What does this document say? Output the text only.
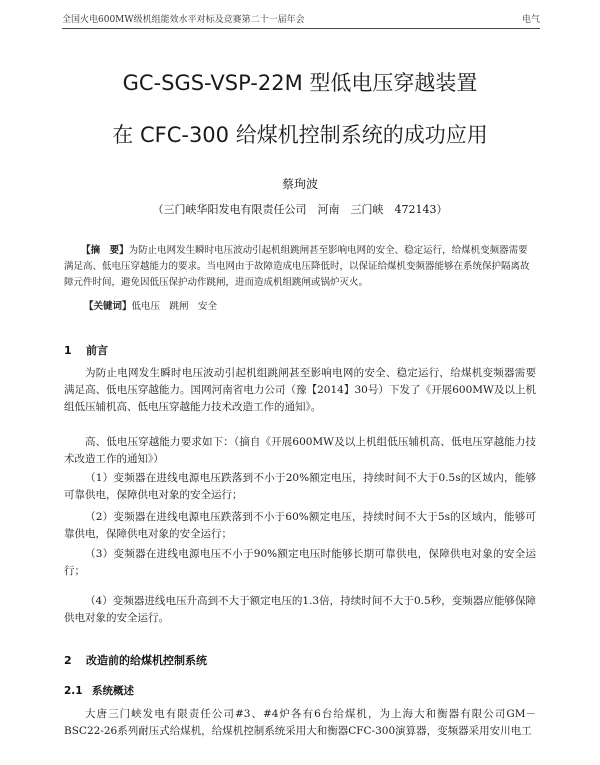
全国火电600MW级机组能效水平对标及竞赛第二十一届年会	电气
GC-SGS-VSP-22M 型低电压穿越装置
在 CFC-300 给煤机控制系统的成功应用
蔡珣波
（三门峡华阳发电有限责任公司　河南　三门峡　472143）
【摘　要】为防止电网发生瞬时电压波动引起机组跳闸甚至影响电网的安全、稳定运行，给煤机变频器需要满足高、低电压穿越能力的要求。当电网由于故障造成电压降低时，以保证给煤机变频器能够在系统保护隔离故障元件时间，避免因低压保护动作跳闸，进而造成机组跳闸或锅炉灭火。
【关键词】低电压　跳闸　安全
1 前言
为防止电网发生瞬时电压波动引起机组跳闸甚至影响电网的安全、稳定运行，给煤机变频器需要满足高、低电压穿越能力。国网河南省电力公司（豫【2014】30号）下发了《开展600MW及以上机组低压辅机高、低电压穿越能力技术改造工作的通知》。
高、低电压穿越能力要求如下：（摘自《开展600MW及以上机组低压辅机高、低电压穿越能力技术改造工作的通知》）
（1）变频器在进线电源电压跌落到不小于20%额定电压，持续时间不大于0.5s的区域内，能够可靠供电，保障供电对象的安全运行；
（2）变频器在进线电源电压跌落到不小于60%额定电压，持续时间不大于5s的区域内，能够可靠供电，保障供电对象的安全运行；
（3）变频器在进线电源电压不小于90%额定电压时能够长期可靠供电，保障供电对象的安全运行；
（4）变频器进线电压升高到不大于额定电压的1.3倍，持续时间不大于0.5秒，变频器应能够保障供电对象的安全运行。
2 改造前的给煤机控制系统
2.1 系统概述
大唐三门峡发电有限责任公司#3、#4炉各有6台给煤机，为上海大和衡器有限公司GM－BSC22-26系列耐压式给煤机，给煤机控制系统采用大和衡器CFC-300演算器，变频器采用安川电工
